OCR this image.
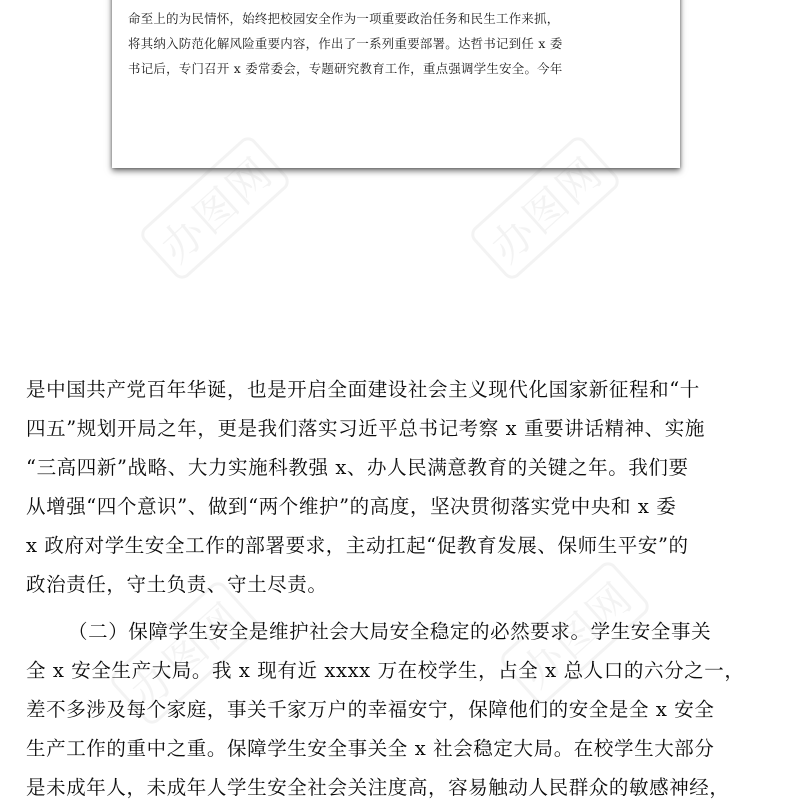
命至上的为民情怀，始终把校园安全作为一项重要政治任务和民生工作来抓，
将其纳入防范化解风险重要内容，作出了一系列重要部署。达哲书记到任 x 委
书记后，专门召开 x 委常委会，专题研究教育工作，重点强调学生安全。今年
办图网	办图网
办图网	办图网
是中国共产党百年华诞，也是开启全面建设社会主义现代化国家新征程和“十
四五”规划开局之年，更是我们落实习近平总书记考察 x 重要讲话精神、实施
“三高四新”战略、大力实施科教强 x、办人民满意教育的关键之年。我们要
从增强“四个意识”、做到“两个维护”的高度，坚决贯彻落实党中央和 x 委
x 政府对学生安全工作的部署要求，主动扛起“促教育发展、保师生平安”的
政治责任，守土负责、守土尽责。
（二）保障学生安全是维护社会大局安全稳定的必然要求。学生安全事关
全 x 安全生产大局。我 x 现有近 xxxx 万在校学生，占全 x 总人口的六分之一，
差不多涉及每个家庭，事关千家万户的幸福安宁，保障他们的安全是全 x 安全
生产工作的重中之重。保障学生安全事关全 x 社会稳定大局。在校学生大部分
是未成年人，未成年人学生安全社会关注度高，容易触动人民群众的敏感神经，
